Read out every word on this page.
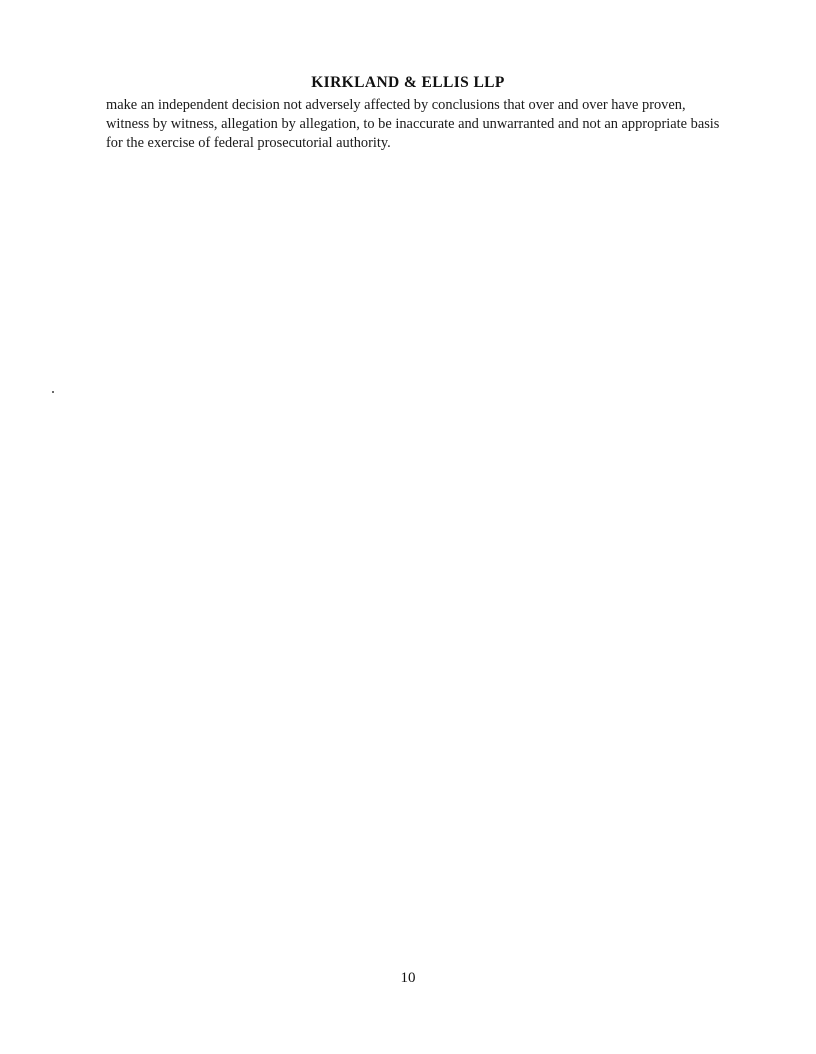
KIRKLAND & ELLIS LLP

make an independent decision not adversely affected by conclusions that over and over have proven, witness by witness, allegation by allegation, to be inaccurate and unwarranted and not an appropriate basis for the exercise of federal prosecutorial authority.

10
